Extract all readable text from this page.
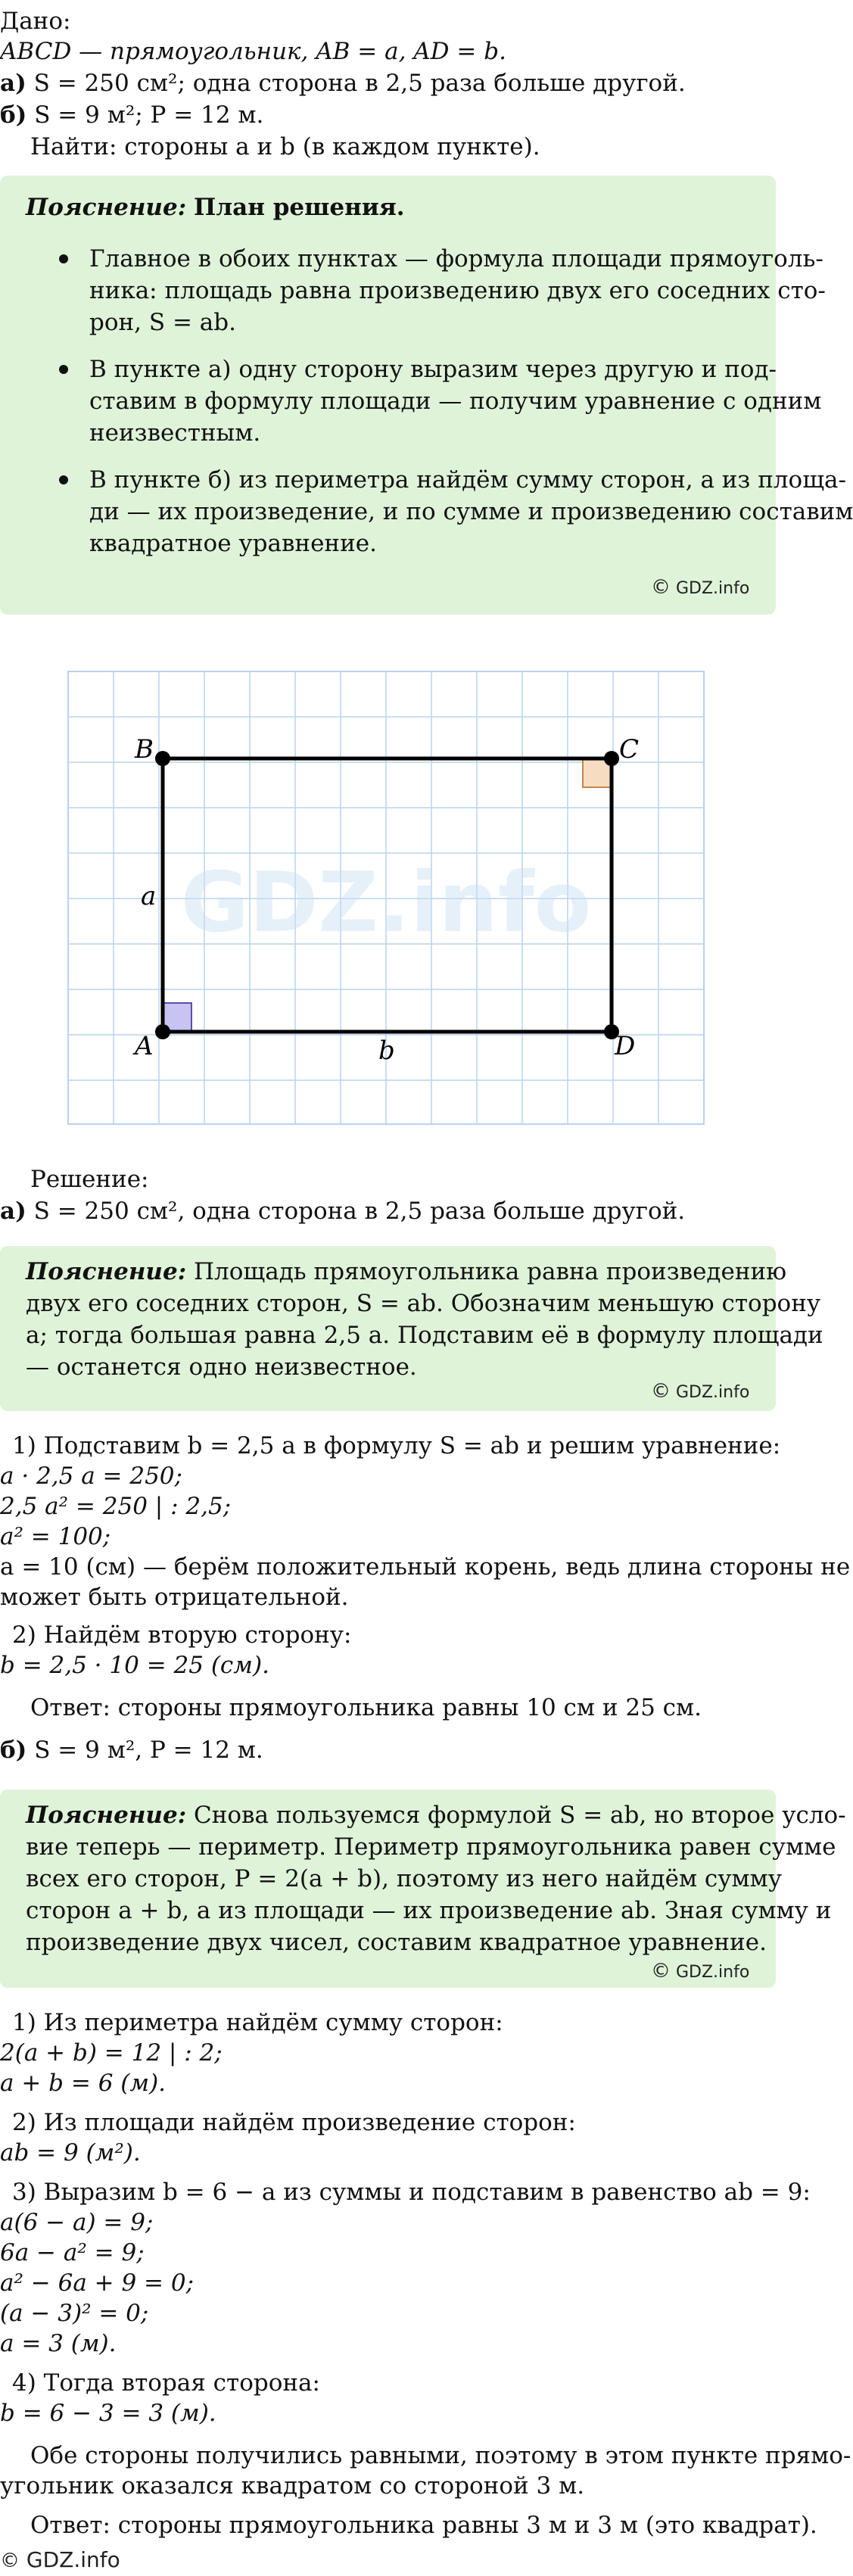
Дано:
ABCD — прямоугольник, AB = a, AD = b.
а) S = 250 см²; одна сторона в 2,5 раза больше другой.
б) S = 9 м²; P = 12 м.
Найти: стороны a и b (в каждом пункте).
Пояснение: План решения.
Главное в обоих пунктах — формула площади прямоуголь-
ника: площадь равна произведению двух его соседних сто-
рон, S = ab.
В пункте а) одну сторону выразим через другую и под-
ставим в формулу площади — получим уравнение с одним
неизвестным.
В пункте б) из периметра найдём сумму сторон, а из площа-
ди — их произведение, и по сумме и произведению составим
квадратное уравнение.
© GDZ.info
GDZ.info
B	C
A	D
a
b
Решение:
а) S = 250 см², одна сторона в 2,5 раза больше другой.
Пояснение: Площадь прямоугольника равна произведению
двух его соседних сторон, S = ab. Обозначим меньшую сторону
a; тогда большая равна 2,5 a. Подставим её в формулу площади
— останется одно неизвестное.
© GDZ.info
1) Подставим b = 2,5 a в формулу S = ab и решим уравнение:
a · 2,5 a = 250;
2,5 a² = 250 | : 2,5;
a² = 100;
a = 10 (см) — берём положительный корень, ведь длина стороны не
может быть отрицательной.
2) Найдём вторую сторону:
b = 2,5 · 10 = 25 (см).
Ответ: стороны прямоугольника равны 10 см и 25 см.
б) S = 9 м², P = 12 м.
Пояснение: Снова пользуемся формулой S = ab, но второе усло-
вие теперь — периметр. Периметр прямоугольника равен сумме
всех его сторон, P = 2(a + b), поэтому из него найдём сумму
сторон a + b, а из площади — их произведение ab. Зная сумму и
произведение двух чисел, составим квадратное уравнение.
© GDZ.info
1) Из периметра найдём сумму сторон:
2(a + b) = 12 | : 2;
a + b = 6 (м).
2) Из площади найдём произведение сторон:
ab = 9 (м²).
3) Выразим b = 6 − a из суммы и подставим в равенство ab = 9:
a(6 − a) = 9;
6a − a² = 9;
a² − 6a + 9 = 0;
(a − 3)² = 0;
a = 3 (м).
4) Тогда вторая сторона:
b = 6 − 3 = 3 (м).
Обе стороны получились равными, поэтому в этом пункте прямо-
угольник оказался квадратом со стороной 3 м.
Ответ: стороны прямоугольника равны 3 м и 3 м (это квадрат).
© GDZ.info
